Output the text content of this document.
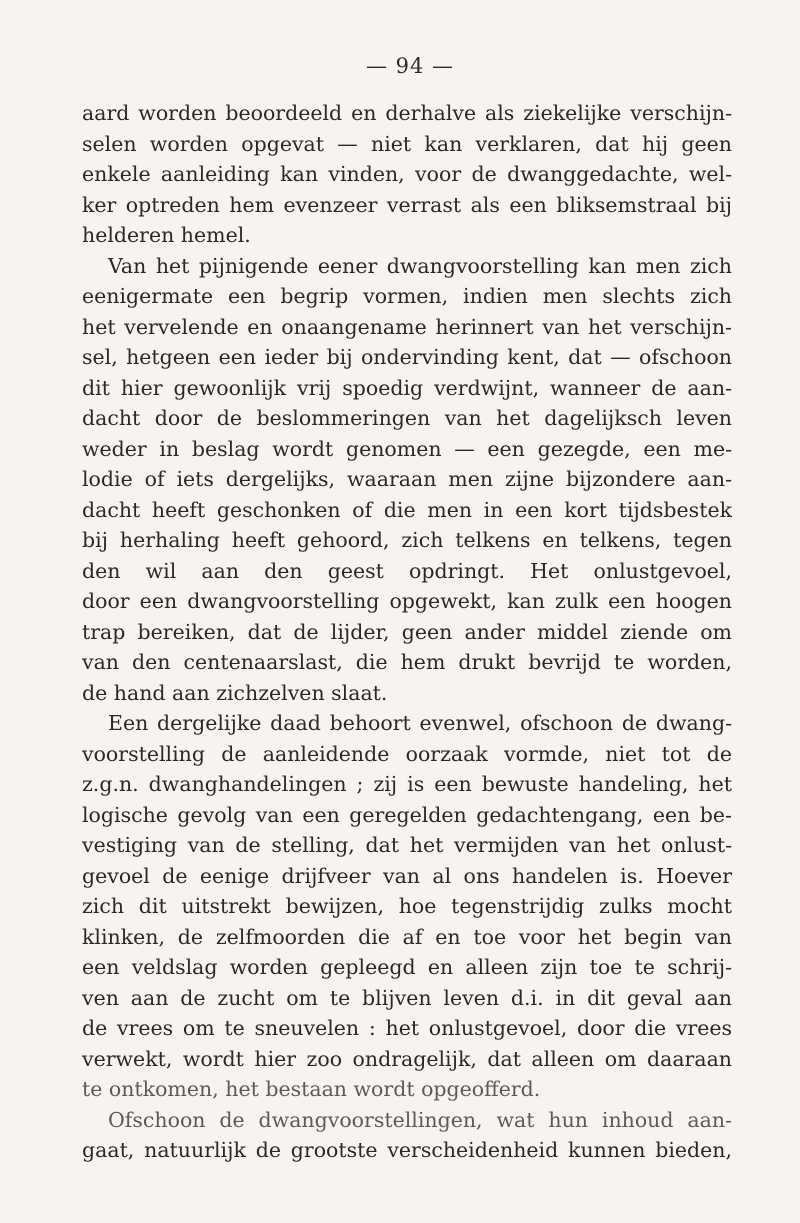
— 94 —
aard worden beoordeeld en derhalve als ziekelijke verschijn-
selen worden opgevat — niet kan verklaren, dat hij geen
enkele aanleiding kan vinden, voor de dwanggedachte, wel-
ker optreden hem evenzeer verrast als een bliksemstraal bij
helderen hemel.
Van het pijnigende eener dwangvoorstelling kan men zich
eenigermate een begrip vormen, indien men slechts zich
het vervelende en onaangename herinnert van het verschijn-
sel, hetgeen een ieder bij ondervinding kent, dat — ofschoon
dit hier gewoonlijk vrij spoedig verdwijnt, wanneer de aan-
dacht door de beslommeringen van het dagelijksch leven
weder in beslag wordt genomen — een gezegde, een me-
lodie of iets dergelijks, waaraan men zijne bijzondere aan-
dacht heeft geschonken of die men in een kort tijdsbestek
bij herhaling heeft gehoord, zich telkens en telkens, tegen
den wil aan den geest opdringt. Het onlustgevoel,
door een dwangvoorstelling opgewekt, kan zulk een hoogen
trap bereiken, dat de lijder, geen ander middel ziende om
van den centenaarslast, die hem drukt bevrijd te worden,
de hand aan zichzelven slaat.
Een dergelijke daad behoort evenwel, ofschoon de dwang-
voorstelling de aanleidende oorzaak vormde, niet tot de
z.g.n. dwanghandelingen ; zij is een bewuste handeling, het
logische gevolg van een geregelden gedachtengang, een be-
vestiging van de stelling, dat het vermijden van het onlust-
gevoel de eenige drijfveer van al ons handelen is. Hoever
zich dit uitstrekt bewijzen, hoe tegenstrijdig zulks mocht
klinken, de zelfmoorden die af en toe voor het begin van
een veldslag worden gepleegd en alleen zijn toe te schrij-
ven aan de zucht om te blijven leven d.i. in dit geval aan
de vrees om te sneuvelen : het onlustgevoel, door die vrees
verwekt, wordt hier zoo ondragelijk, dat alleen om daaraan
te ontkomen, het bestaan wordt opgeofferd.
Ofschoon de dwangvoorstellingen, wat hun inhoud aan-
gaat, natuurlijk de grootste verscheidenheid kunnen bieden,
